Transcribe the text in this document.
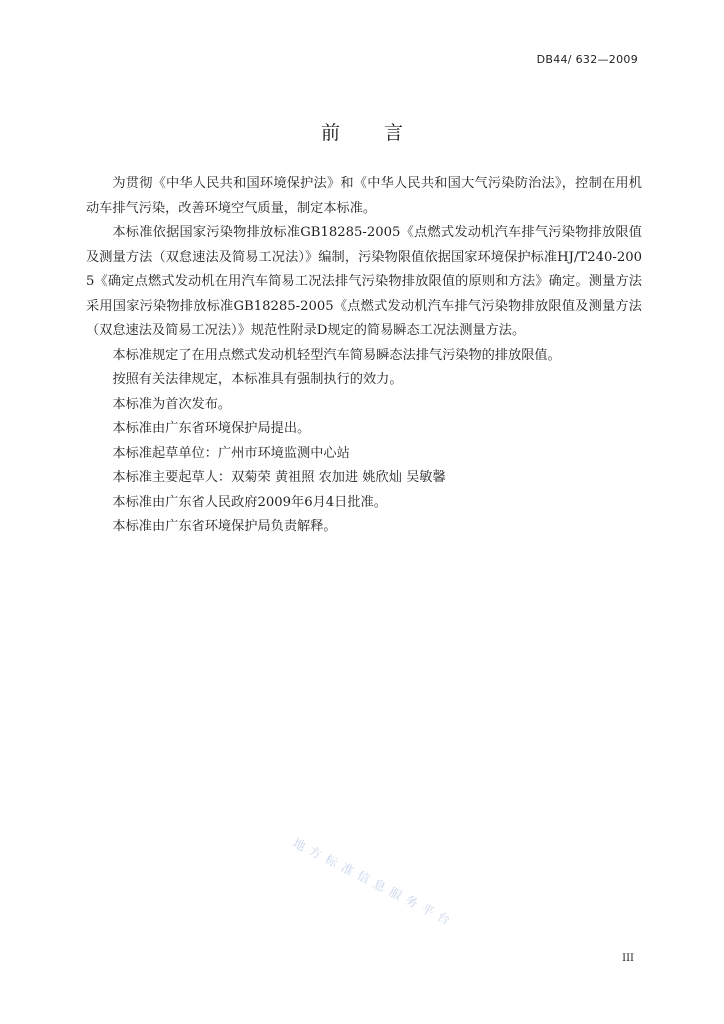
DB44/ 632—2009
前言

为贯彻《中华人民共和国环境保护法》和《中华人民共和国大气污染防治法》，控制在用机动车排气污染，改善环境空气质量，制定本标准。

本标准依据国家污染物排放标准GB18285-2005《点燃式发动机汽车排气污染物排放限值及测量方法（双怠速法及简易工况法）》编制，污染物限值依据国家环境保护标准HJ/T240-2005《确定点燃式发动机在用汽车简易工况法排气污染物排放限值的原则和方法》确定。测量方法采用国家污染物排放标准GB18285-2005《点燃式发动机汽车排气污染物排放限值及测量方法（双怠速法及简易工况法）》规范性附录D规定的简易瞬态工况法测量方法。

本标准规定了在用点燃式发动机轻型汽车简易瞬态法排气污染物的排放限值。

按照有关法律规定，本标准具有强制执行的效力。

本标准为首次发布。

本标准由广东省环境保护局提出。

本标准起草单位：广州市环境监测中心站

本标准主要起草人：双菊荣 黄祖照 农加进 姚欣灿 吴敏馨

本标准由广东省人民政府2009年6月4日批准。

本标准由广东省环境保护局负责解释。

地方标准信息服务平台
III
